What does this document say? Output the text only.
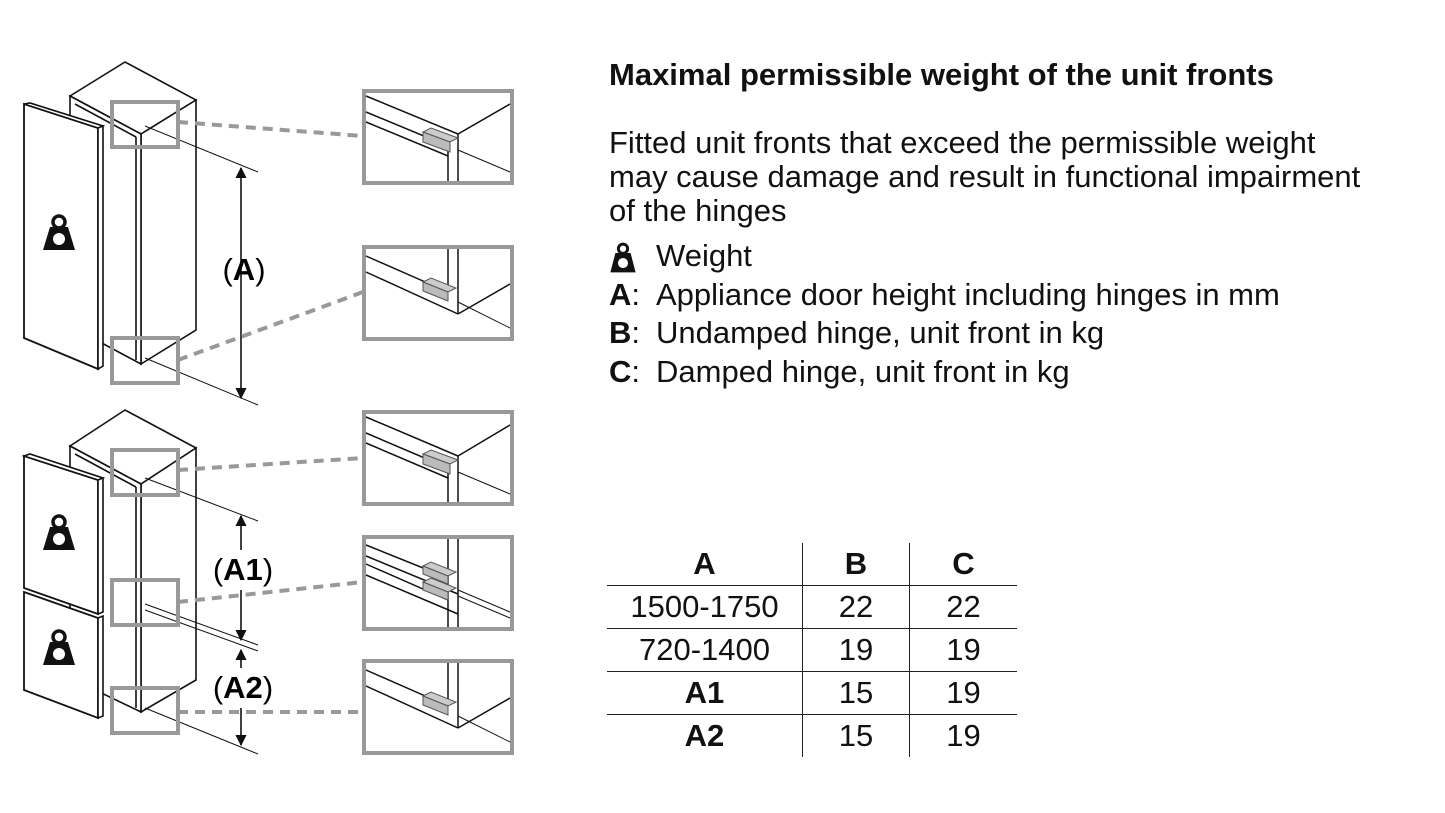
(A)
(A1)
(A2)
Maximal permissible weight of the unit fronts

Fitted unit fronts that exceed the permissible weight
may cause damage and result in functional impairment
of the hinges

Weight
A: Appliance door height including hinges in mm
B: Undamped hinge, unit front in kg
C: Damped hinge, unit front in kg
A	B	C
1500-1750	22	22
720-1400	19	19
A1	15	19
A2	15	19
